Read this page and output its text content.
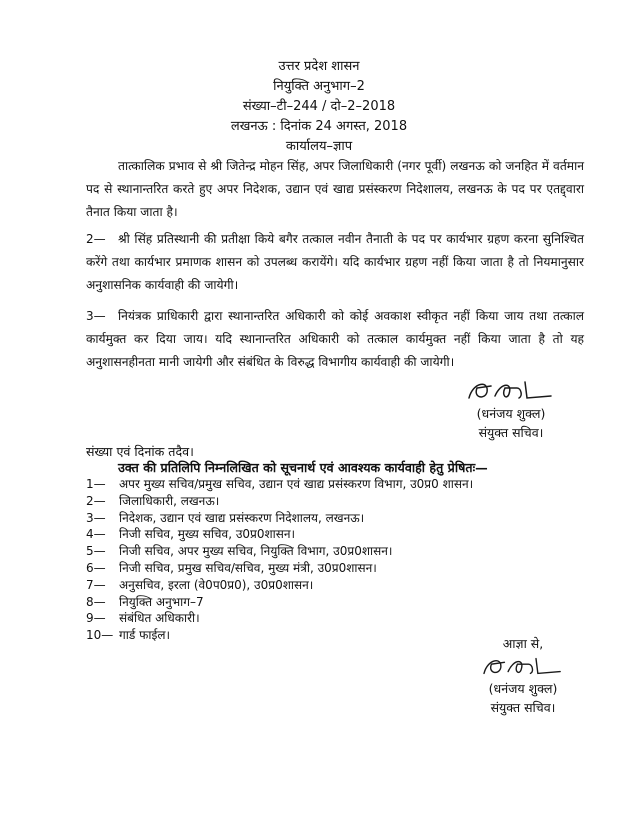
उत्तर प्रदेश शासन
नियुक्ति अनुभाग–2
संख्या–टी–244 / दो–2–2018
लखनऊ : दिनांक 24 अगस्त, 2018
कार्यालय–ज्ञाप
तात्कालिक प्रभाव से श्री जितेन्द्र मोहन सिंह, अपर जिलाधिकारी (नगर पूर्वी) लखनऊ को जनहित में वर्तमान पद से स्थानान्तरित करते हुए अपर निदेशक, उद्यान एवं खाद्य प्रसंस्करण निदेशालय, लखनऊ के पद पर एतद्द्वारा तैनात किया जाता है।
2—	श्री सिंह प्रतिस्थानी की प्रतीक्षा किये बगैर तत्काल नवीन तैनाती के पद पर कार्यभार ग्रहण करना सुनिश्चित करेंगे तथा कार्यभार प्रमाणक शासन को उपलब्ध करायेंगे। यदि कार्यभार ग्रहण नहीं किया जाता है तो नियमानुसार अनुशासनिक कार्यवाही की जायेगी।
3—	नियंत्रक प्राधिकारी द्वारा स्थानान्तरित अधिकारी को कोई अवकाश स्वीकृत नहीं किया जाय तथा तत्काल कार्यमुक्त कर दिया जाय। यदि स्थानान्तरित अधिकारी को तत्काल कार्यमुक्त नहीं किया जाता है तो यह अनुशासनहीनता मानी जायेगी और संबंधित के विरुद्ध विभागीय कार्यवाही की जायेगी।
(धनंजय शुक्ल)
संयुक्त सचिव।
संख्या एवं दिनांक तदैव।
उक्त की प्रतिलिपि निम्नलिखित को सूचनार्थ एवं आवश्यक कार्यवाही हेतु प्रेषितः—
1— अपर मुख्य सचिव/प्रमुख सचिव, उद्यान एवं खाद्य प्रसंस्करण विभाग, उ0प्र0 शासन।
2— जिलाधिकारी, लखनऊ।
3— निदेशक, उद्यान एवं खाद्य प्रसंस्करण निदेशालय, लखनऊ।
4— निजी सचिव, मुख्य सचिव, उ0प्र0शासन।
5— निजी सचिव, अपर मुख्य सचिव, नियुक्ति विभाग, उ0प्र0शासन।
6— निजी सचिव, प्रमुख सचिव/सचिव, मुख्य मंत्री, उ0प्र0शासन।
7— अनुसचिव, इरला (वे0प0प्र0), उ0प्र0शासन।
8— नियुक्ति अनुभाग–7
9— संबंधित अधिकारी।
10— गार्ड फाईल।
आज्ञा से,
(धनंजय शुक्ल)
संयुक्त सचिव।
